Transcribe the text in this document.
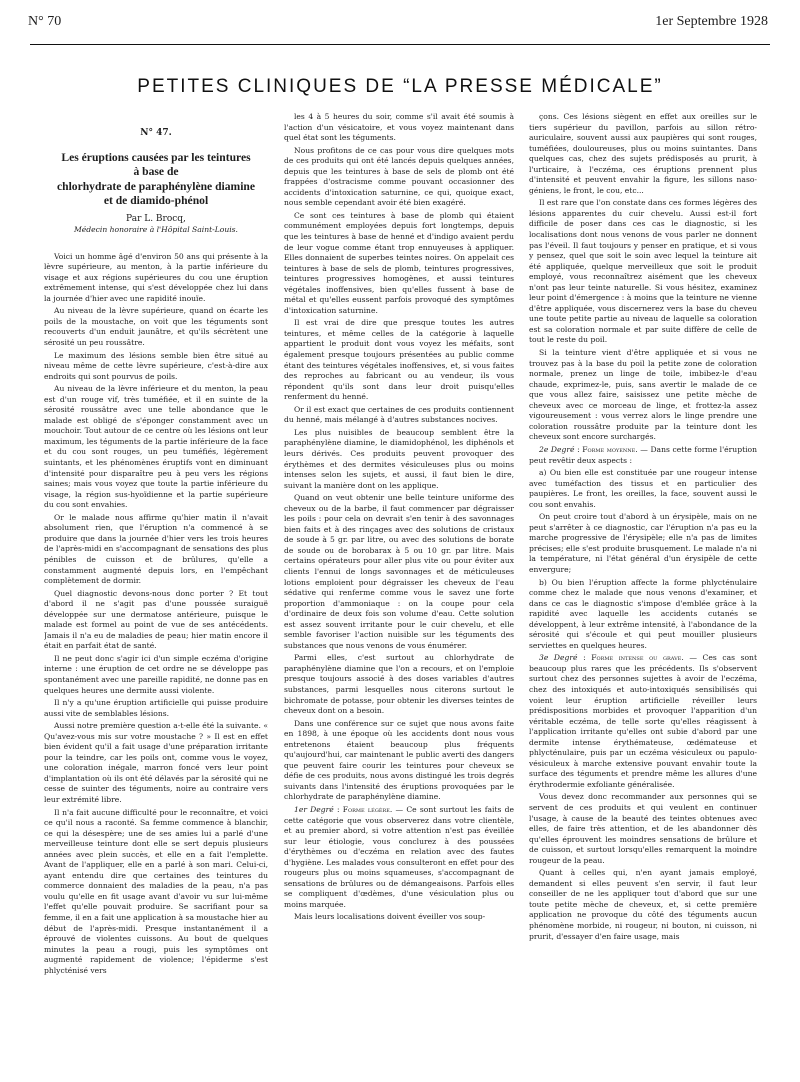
N° 70	1er Septembre 1928
PETITES CLINIQUES DE “LA PRESSE MÉDICALE”
N° 47.
Les éruptions causées par les teintures
à base de
chlorhydrate de paraphénylène diamine
et de diamido-phénol
Par L. Brocq,
Médecin honoraire à l'Hôpital Saint-Louis.

Voici un homme âgé d'environ 50 ans qui présente à la lèvre supérieure, au menton, à la partie inférieure du visage et aux régions supérieures du cou une éruption extrêmement intense, qui s'est développée chez lui dans la journée d'hier avec une rapidité inouïe.

Au niveau de la lèvre supérieure, quand on écarte les poils de la moustache, on voit que les téguments sont recouverts d'un enduit jaunâtre, et qu'ils sécrètent une sérosité un peu roussâtre.

Le maximum des lésions semble bien être situé au niveau même de cette lèvre supérieure, c'est-à-dire aux endroits qui sont pourvus de poils.

Au niveau de la lèvre inférieure et du menton, la peau est d'un rouge vif, très tuméfiée, et il en suinte de la sérosité roussâtre avec une telle abondance que le malade est obligé de s'éponger constamment avec un mouchoir. Tout autour de ce centre où les lésions ont leur maximum, les téguments de la partie inférieure de la face et du cou sont rouges, un peu tuméfiés, légèrement suintants, et les phénomènes éruptifs vont en diminuant d'intensité pour disparaître peu à peu vers les régions saines; mais vous voyez que toute la partie inférieure du visage, la région sus-hyoïdienne et la partie supérieure du cou sont envahies.

Or le malade nous affirme qu'hier matin il n'avait absolument rien, que l'éruption n'a commencé à se produire que dans la journée d'hier vers les trois heures de l'après-midi en s'accompagnant de sensations des plus pénibles de cuisson et de brûlures, qu'elle a constamment augmenté depuis lors, en l'empêchant complètement de dormir.

Quel diagnostic devons-nous donc porter ? Et tout d'abord il ne s'agit pas d'une poussée suraiguë développée sur une dermatose antérieure, puisque le malade est formel au point de vue de ses antécédents. Jamais il n'a eu de maladies de peau; hier matin encore il était en parfait état de santé.

Il ne peut donc s'agir ici d'un simple eczéma d'origine interne : une éruption de cet ordre ne se développe pas spontanément avec une pareille rapidité, ne donne pas en quelques heures une dermite aussi violente.

Il n'y a qu'une éruption artificielle qui puisse produire aussi vite de semblables lésions.

Aussi notre première question a-t-elle été la suivante. « Qu'avez-vous mis sur votre moustache ? » Il est en effet bien évident qu'il a fait usage d'une préparation irritante pour la teindre, car les poils ont, comme vous le voyez, une coloration inégale, marron foncé vers leur point d'implantation où ils ont été délavés par la sérosité qui ne cesse de suinter des téguments, noire au contraire vers leur extrémité libre.

Il n'a fait aucune difficulté pour le reconnaître, et voici ce qu'il nous a raconté. Sa femme commence à blanchir, ce qui la désespère; une de ses amies lui a parlé d'une merveilleuse teinture dont elle se sert depuis plusieurs années avec plein succès, et elle en a fait l'emplette. Avant de l'appliquer, elle en a parlé à son mari. Celui-ci, ayant entendu dire que certaines des teintures du commerce donnaient des maladies de la peau, n'a pas voulu qu'elle en fit usage avant d'avoir vu sur lui-même l'effet qu'elle pouvait produire. Se sacrifiant pour sa femme, il en a fait une application à sa moustache hier au début de l'après-midi. Presque instantanément il a éprouvé de violentes cuissons. Au bout de quelques minutes la peau a rougi, puis les symptômes ont augmenté rapidement de violence; l'épiderme s'est phlycténisé vers

les 4 à 5 heures du soir, comme s'il avait été soumis à l'action d'un vésicatoire, et vous voyez maintenant dans quel état sont les téguments.

Nous profitons de ce cas pour vous dire quelques mots de ces produits qui ont été lancés depuis quelques années, depuis que les teintures à base de sels de plomb ont été frappées d'ostracisme comme pouvant occasionner des accidents d'intoxication saturnine, ce qui, quoique exact, nous semble cependant avoir été bien exagéré.

Ce sont ces teintures à base de plomb qui étaient communément employées depuis fort longtemps, depuis que les teintures à base de henné et d'indigo avaient perdu de leur vogue comme étant trop ennuyeuses à appliquer. Elles donnaient de superbes teintes noires. On appelait ces teintures à base de sels de plomb, teintures progressives, teintures progressives homogènes, et aussi teintures végétales inoffensives, bien qu'elles fussent à base de métal et qu'elles eussent parfois provoqué des symptômes d'intoxication saturnine.

Il est vrai de dire que presque toutes les autres teintures, et même celles de la catégorie à laquelle appartient le produit dont vous voyez les méfaits, sont également presque toujours présentées au public comme étant des teintures végétales inoffensives, et, si vous faites des reproches au fabricant ou au vendeur, ils vous répondent qu'ils sont dans leur droit puisqu'elles renferment du henné.

Or il est exact que certaines de ces produits contiennent du henné, mais mélangé à d'autres substances nocives.

Les plus nuisibles de beaucoup semblent être la paraphénylène diamine, le diamidophénol, les diphénols et leurs dérivés. Ces produits peuvent provoquer des érythèmes et des dermites vésiculeuses plus ou moins intenses selon les sujets, et aussi, il faut bien le dire, suivant la manière dont on les applique.

Quand on veut obtenir une belle teinture uniforme des cheveux ou de la barbe, il faut commencer par dégraisser les poils : pour cela on devrait s'en tenir à des savonnages bien faits et à des rinçages avec des solutions de cristaux de soude à 5 gr. par litre, ou avec des solutions de borate de soude ou de borobarax à 5 ou 10 gr. par litre. Mais certains opérateurs pour aller plus vite ou pour éviter aux clients l'ennui de longs savonnages et de méticuleuses lotions emploient pour dégraisser les cheveux de l'eau sédative qui renferme comme vous le savez une forte proportion d'ammoniaque : on la coupe pour cela d'ordinaire de deux fois son volume d'eau. Cette solution est assez souvent irritante pour le cuir chevelu, et elle semble favoriser l'action nuisible sur les téguments des substances que nous venons de vous énumérer.

Parmi elles, c'est surtout au chlorhydrate de paraphénylène diamine que l'on a recours, et on l'emploie presque toujours associé à des doses variables d'autres substances, parmi lesquelles nous citerons surtout le bichromate de potasse, pour obtenir les diverses teintes de cheveux dont on a besoin.

Dans une conférence sur ce sujet que nous avons faite en 1898, à une époque où les accidents dont nous vous entretenons étaient beaucoup plus fréquents qu'aujourd'hui, car maintenant le public averti des dangers que peuvent faire courir les teintures pour cheveux se défie de ces produits, nous avons distingué les trois degrés suivants dans l'intensité des éruptions provoquées par le chlorhydrate de paraphénylène diamine.

1er Degré : Forme légère. — Ce sont surtout les faits de cette catégorie que vous observerez dans votre clientèle, et au premier abord, si votre attention n'est pas éveillée sur leur étiologie, vous conclurez à des poussées d'érythèmes ou d'eczéma en relation avec des fautes d'hygiène. Les malades vous consulteront en effet pour des rougeurs plus ou moins squameuses, s'accompagnant de sensations de brûlures ou de démangeaisons. Parfois elles se compliquent d'œdèmes, d'une vésiculation plus ou moins marquée.

Mais leurs localisations doivent éveiller vos soup-

çons. Ces lésions siègent en effet aux oreilles sur le tiers supérieur du pavillon, parfois au sillon rétro-auriculaire, souvent aussi aux paupières qui sont rouges, tuméfiées, douloureuses, plus ou moins suintantes. Dans quelques cas, chez des sujets prédisposés au prurit, à l'urticaire, à l'eczéma, ces éruptions prennent plus d'intensité et peuvent envahir la figure, les sillons naso-géniens, le front, le cou, etc...

Il est rare que l'on constate dans ces formes légères des lésions apparentes du cuir chevelu. Aussi est-il fort difficile de poser dans ces cas le diagnostic, si les localisations dont nous venons de vous parler ne donnent pas l'éveil. Il faut toujours y penser en pratique, et si vous y pensez, quel que soit le soin avec lequel la teinture ait été appliquée, quelque merveilleux que soit le produit employé, vous reconnaîtrez aisément que les cheveux n'ont pas leur teinte naturelle. Si vous hésitez, examinez leur point d'émergence : à moins que la teinture ne vienne d'être appliquée, vous discernerez vers la base du cheveu une toute petite partie au niveau de laquelle sa coloration est sa coloration normale et par suite diffère de celle de tout le reste du poil.

Si la teinture vient d'être appliquée et si vous ne trouvez pas à la base du poil la petite zone de coloration normale, prenez un linge de toile, imbibez-le d'eau chaude, exprimez-le, puis, sans avertir le malade de ce que vous allez faire, saisissez une petite mèche de cheveux avec ce morceau de linge, et frottez-la assez vigoureusement : vous verrez alors le linge prendre une coloration roussâtre produite par la teinture dont les cheveux sont encore surchargés.

2e Degré : Forme moyenne. — Dans cette forme l'éruption peut revêtir deux aspects :

a) Ou bien elle est constituée par une rougeur intense avec tuméfaction des tissus et en particulier des paupières. Le front, les oreilles, la face, souvent aussi le cou sont envahis.

On peut croire tout d'abord à un érysipèle, mais on ne peut s'arrêter à ce diagnostic, car l'éruption n'a pas eu la marche progressive de l'érysipèle; elle n'a pas de limites précises; elle s'est produite brusquement. Le malade n'a ni la température, ni l'état général d'un érysipèle de cette envergure;

b) Ou bien l'éruption affecte la forme phlycténulaire comme chez le malade que nous venons d'examiner, et dans ce cas le diagnostic s'impose d'emblée grâce à la rapidité avec laquelle les accidents cutanés se développent, à leur extrême intensité, à l'abondance de la sérosité qui s'écoule et qui peut mouiller plusieurs serviettes en quelques heures.

3e Degré : Forme intense ou grave. — Ces cas sont beaucoup plus rares que les précédents. Ils s'observent surtout chez des personnes sujettes à avoir de l'eczéma, chez des intoxiqués et auto-intoxiqués sensibilisés qui voient leur éruption artificielle réveiller leurs prédispositions morbides et provoquer l'apparition d'un véritable eczéma, de telle sorte qu'elles réagissent à l'application irritante qu'elles ont subie d'abord par une dermite intense érythémateuse, œdémateuse et phlycténulaire, puis par un eczéma vésiculeux ou papulo-vésiculeux à marche extensive pouvant envahir toute la surface des téguments et prendre même les allures d'une érythrodermie exfoliante généralisée.

Vous devez donc recommander aux personnes qui se servent de ces produits et qui veulent en continuer l'usage, à cause de la beauté des teintes obtenues avec elles, de faire très attention, et de les abandonner dès qu'elles éprouvent les moindres sensations de brûlure et de cuisson, et surtout lorsqu'elles remarquent la moindre rougeur de la peau.

Quant à celles qui, n'en ayant jamais employé, demandent si elles peuvent s'en servir, il faut leur conseiller de ne les appliquer tout d'abord que sur une toute petite mèche de cheveux, et, si cette première application ne provoque du côté des téguments aucun phénomène morbide, ni rougeur, ni bouton, ni cuisson, ni prurit, d'essayer d'en faire usage, mais
